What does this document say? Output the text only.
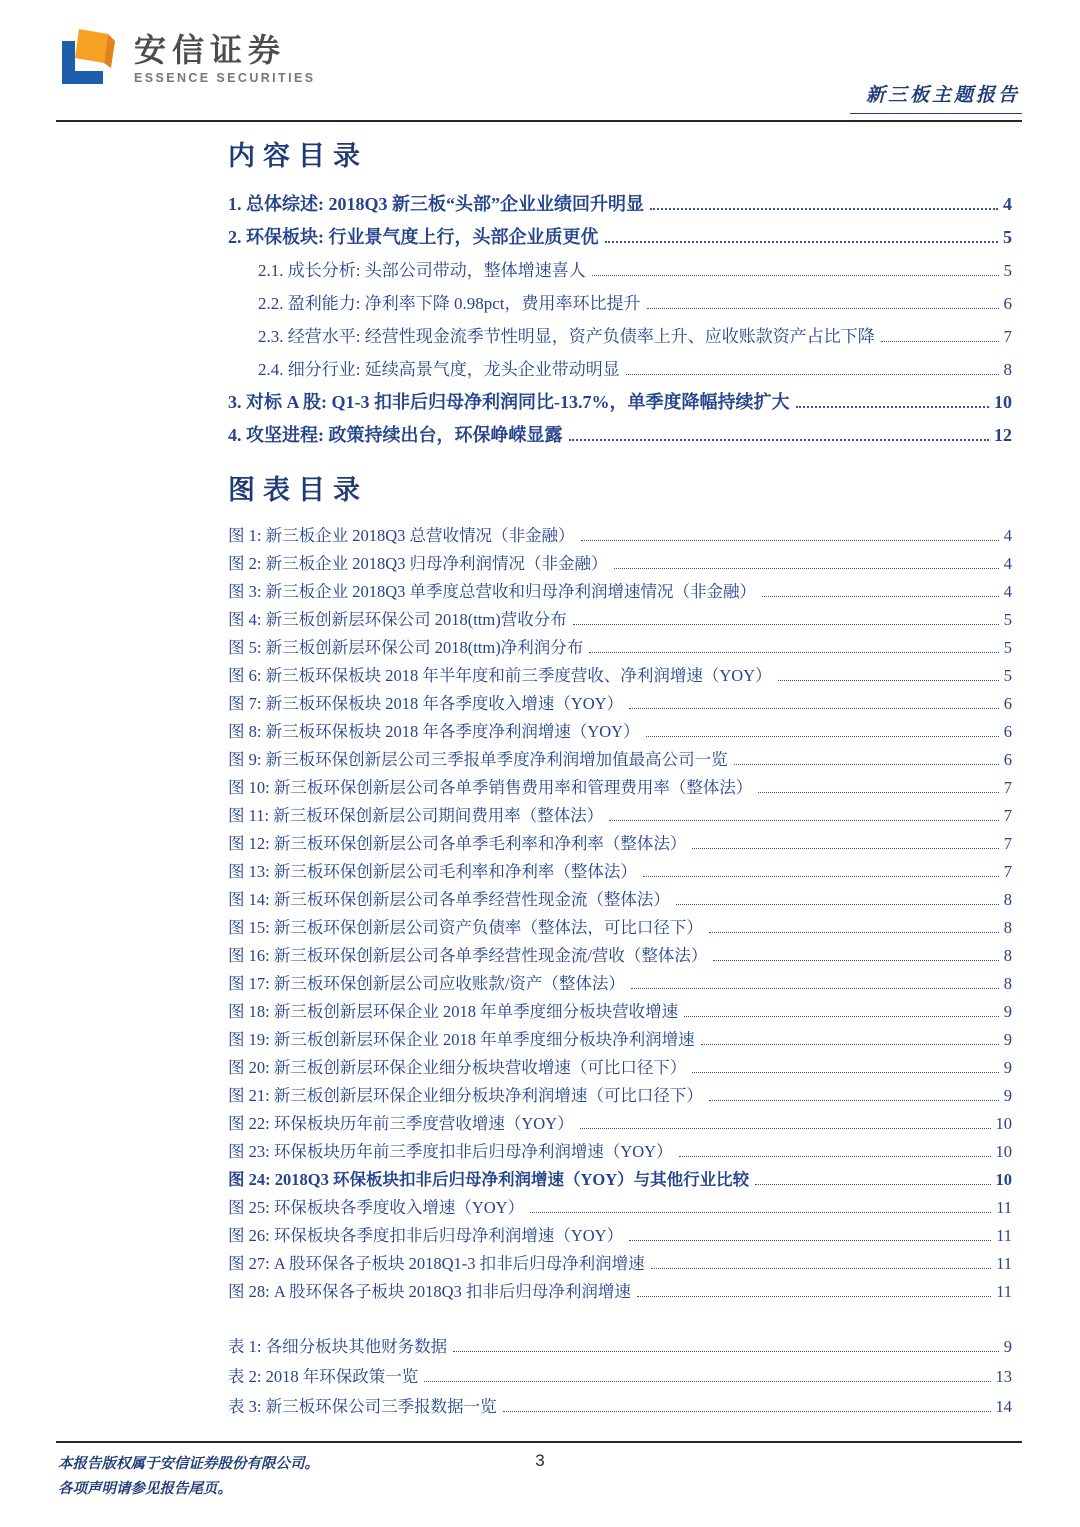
安信证券
ESSENCE SECURITIES
新三板主题报告
内容目录
1. 总体综述: 2018Q3 新三板“头部”企业业绩回升明显	4
2. 环保板块: 行业景气度上行，头部企业质更优	5
2.1. 成长分析: 头部公司带动，整体增速喜人	5
2.2. 盈利能力: 净利率下降 0.98pct，费用率环比提升	6
2.3. 经营水平: 经营性现金流季节性明显，资产负债率上升、应收账款资产占比下降	7
2.4. 细分行业: 延续高景气度，龙头企业带动明显	8
3. 对标 A 股: Q1-3 扣非后归母净利润同比-13.7%，单季度降幅持续扩大	10
4. 攻坚进程: 政策持续出台，环保峥嵘显露	12
图表目录
图 1: 新三板企业 2018Q3 总营收情况（非金融）	4
图 2: 新三板企业 2018Q3 归母净利润情况（非金融）	4
图 3: 新三板企业 2018Q3 单季度总营收和归母净利润增速情况（非金融）	4
图 4: 新三板创新层环保公司 2018(ttm)营收分布	5
图 5: 新三板创新层环保公司 2018(ttm)净利润分布	5
图 6: 新三板环保板块 2018 年半年度和前三季度营收、净利润增速（YOY）	5
图 7: 新三板环保板块 2018 年各季度收入增速（YOY）	6
图 8: 新三板环保板块 2018 年各季度净利润增速（YOY）	6
图 9: 新三板环保创新层公司三季报单季度净利润增加值最高公司一览	6
图 10: 新三板环保创新层公司各单季销售费用率和管理费用率（整体法）	7
图 11: 新三板环保创新层公司期间费用率（整体法）	7
图 12: 新三板环保创新层公司各单季毛利率和净利率（整体法）	7
图 13: 新三板环保创新层公司毛利率和净利率（整体法）	7
图 14: 新三板环保创新层公司各单季经营性现金流（整体法）	8
图 15: 新三板环保创新层公司资产负债率（整体法，可比口径下）	8
图 16: 新三板环保创新层公司各单季经营性现金流/营收（整体法）	8
图 17: 新三板环保创新层公司应收账款/资产（整体法）	8
图 18: 新三板创新层环保企业 2018 年单季度细分板块营收增速	9
图 19: 新三板创新层环保企业 2018 年单季度细分板块净利润增速	9
图 20: 新三板创新层环保企业细分板块营收增速（可比口径下）	9
图 21: 新三板创新层环保企业细分板块净利润增速（可比口径下）	9
图 22: 环保板块历年前三季度营收增速（YOY）	10
图 23: 环保板块历年前三季度扣非后归母净利润增速（YOY）	10
图 24: 2018Q3 环保板块扣非后归母净利润增速（YOY）与其他行业比较	10
图 25: 环保板块各季度收入增速（YOY）	11
图 26: 环保板块各季度扣非后归母净利润增速（YOY）	11
图 27: A 股环保各子板块 2018Q1-3 扣非后归母净利润增速	11
图 28: A 股环保各子板块 2018Q3 扣非后归母净利润增速	11
表 1: 各细分板块其他财务数据	9
表 2: 2018 年环保政策一览	13
表 3: 新三板环保公司三季报数据一览	14
本报告版权属于安信证券股份有限公司。
各项声明请参见报告尾页。
3
